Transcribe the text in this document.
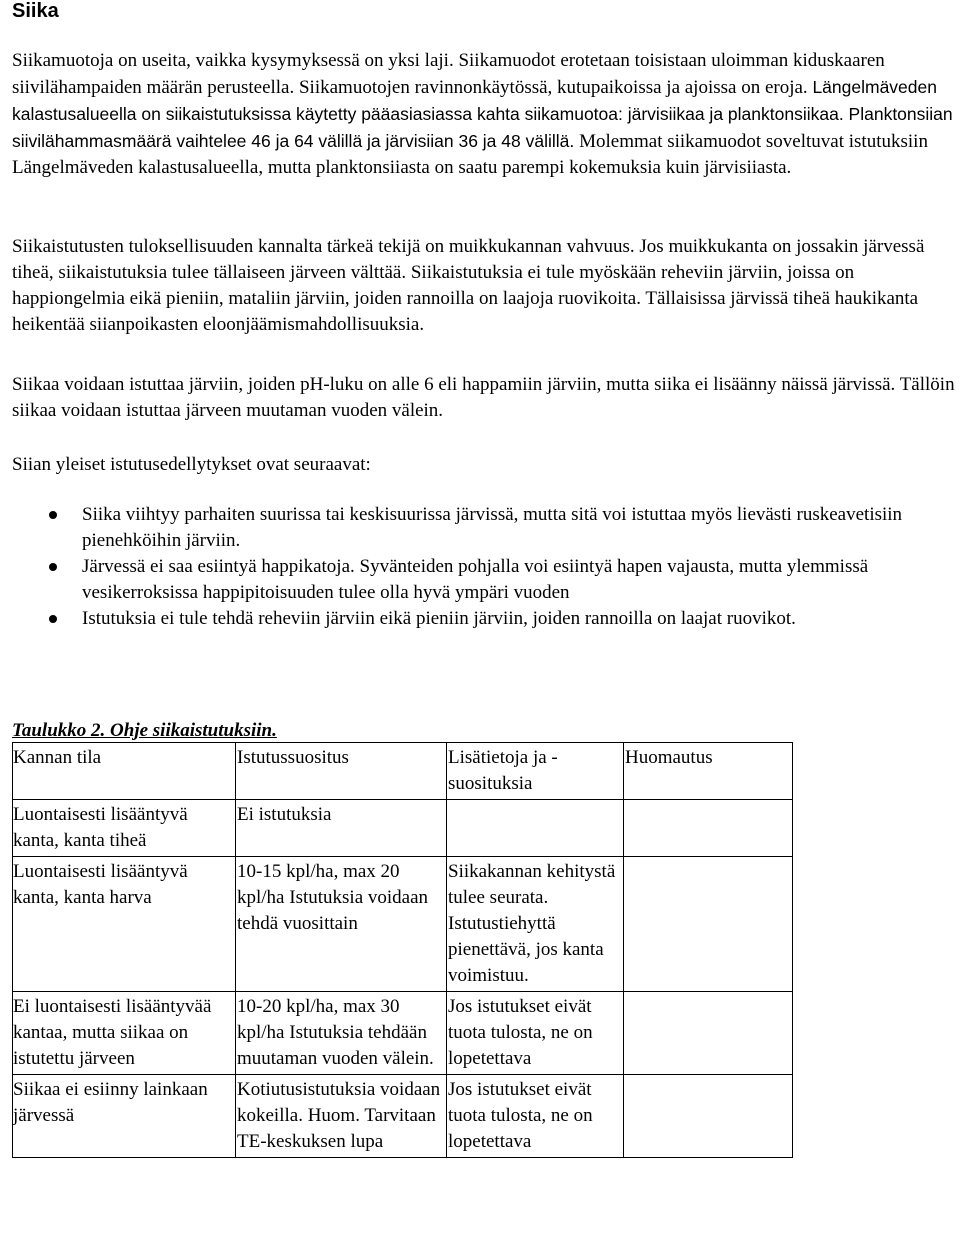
Siika

Siikamuotoja on useita, vaikka kysymyksessä on yksi laji. Siikamuodot erotetaan toisistaan uloimman kiduskaaren siivilähampaiden määrän perusteella. Siikamuotojen ravinnonkäytössä, kutupaikoissa ja ajoissa on eroja. Längelmäveden kalastusalueella on siikaistutuksissa käytetty pääasiasiassa kahta siikamuotoa: järvisiikaa ja planktonsiikaa. Planktonsiian siivilähammasmäärä vaihtelee 46 ja 64 välillä ja järvisiian 36 ja 48 välillä. Molemmat siikamuodot soveltuvat istutuksiin Längelmäveden kalastusalueella, mutta planktonsiiasta on saatu parempi kokemuksia kuin järvisiiasta.

Siikaistutusten tuloksellisuuden kannalta tärkeä tekijä on muikkukannan vahvuus. Jos muikkukanta on jossakin järvessä tiheä, siikaistutuksia tulee tällaiseen järveen välttää. Siikaistutuksia ei tule myöskään reheviin järviin, joissa on happiongelmia eikä pieniin, mataliin järviin, joiden rannoilla on laajoja ruovikoita. Tällaisissa järvissä tiheä haukikanta heikentää siianpoikasten eloonjäämismahdollisuuksia.

Siikaa voidaan istuttaa järviin, joiden pH-luku on alle 6 eli happamiin järviin, mutta siika ei lisäänny näissä järvissä. Tällöin siikaa voidaan istuttaa järveen muutaman vuoden välein.

Siian yleiset istutusedellytykset ovat seuraavat:

Siika viihtyy parhaiten suurissa tai keskisuurissa järvissä, mutta sitä voi istuttaa myös lievästi ruskeavetisiin pienehköihin järviin.
Järvessä ei saa esiintyä happikatoja. Syvänteiden pohjalla voi esiintyä hapen vajausta, mutta ylemmissä vesikerroksissa happipitoisuuden tulee olla hyvä ympäri vuoden
Istutuksia ei tule tehdä reheviin järviin eikä pieniin järviin, joiden rannoilla on laajat ruovikot.
Taulukko 2. Ohje siikaistutuksiin.
Kannan tila	Istutussuositus	Lisätietoja ja -suosituksia	Huomautus

Luontaisesti lisääntyvä kanta, kanta tiheä	Ei istutuksia		

Luontaisesti lisääntyvä kanta, kanta harva	10-15 kpl/ha, max 20 kpl/ha Istutuksia voidaan tehdä vuosittain	Siikakannan kehitystä tulee seurata. Istutustiehyttä pienettävä, jos kanta voimistuu.	

Ei luontaisesti lisääntyvää kantaa, mutta siikaa on istutettu järveen	10-20 kpl/ha, max 30 kpl/ha Istutuksia tehdään muutaman vuoden välein.	Jos istutukset eivät tuota tulosta, ne on lopetettava	

Siikaa ei esiinny lainkaan järvessä	Kotiutusistutuksia voidaan kokeilla. Huom. Tarvitaan TE-keskuksen lupa	Jos istutukset eivät tuota tulosta, ne on lopetettava	
